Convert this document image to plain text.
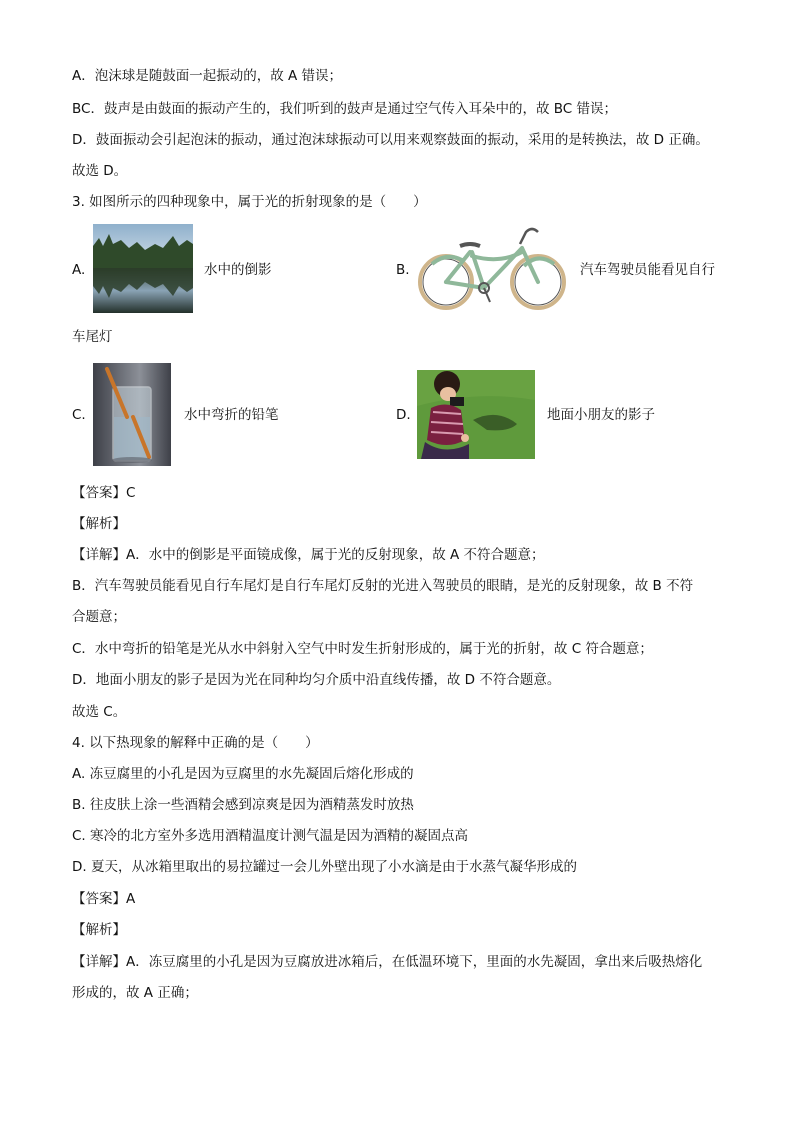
A．泡沫球是随鼓面一起振动的，故 A 错误；
BC．鼓声是由鼓面的振动产生的，我们听到的鼓声是通过空气传入耳朵中的，故 BC 错误；
D．鼓面振动会引起泡沫的振动，通过泡沫球振动可以用来观察鼓面的振动，采用的是转换法，故 D 正确。
故选 D。
3. 如图所示的四种现象中，属于光的折射现象的是（　　）
A.	水中的倒影	B.	汽车驾驶员能看见自行
车尾灯
C.	水中弯折的铅笔	D.	地面小朋友的影子
【答案】C
【解析】
【详解】A．水中的倒影是平面镜成像，属于光的反射现象，故 A 不符合题意；
B．汽车驾驶员能看见自行车尾灯是自行车尾灯反射的光进入驾驶员的眼睛，是光的反射现象，故 B 不符
合题意；
C．水中弯折的铅笔是光从水中斜射入空气中时发生折射形成的，属于光的折射，故 C 符合题意；
D．地面小朋友的影子是因为光在同种均匀介质中沿直线传播，故 D 不符合题意。
故选 C。
4. 以下热现象的解释中正确的是（　　）
A. 冻豆腐里的小孔是因为豆腐里的水先凝固后熔化形成的
B. 往皮肤上涂一些酒精会感到凉爽是因为酒精蒸发时放热
C. 寒冷的北方室外多选用酒精温度计测气温是因为酒精的凝固点高
D. 夏天，从冰箱里取出的易拉罐过一会儿外壁出现了小水滴是由于水蒸气凝华形成的
【答案】A
【解析】
【详解】A．冻豆腐里的小孔是因为豆腐放进冰箱后，在低温环境下，里面的水先凝固，拿出来后吸热熔化
形成的，故 A 正确；
